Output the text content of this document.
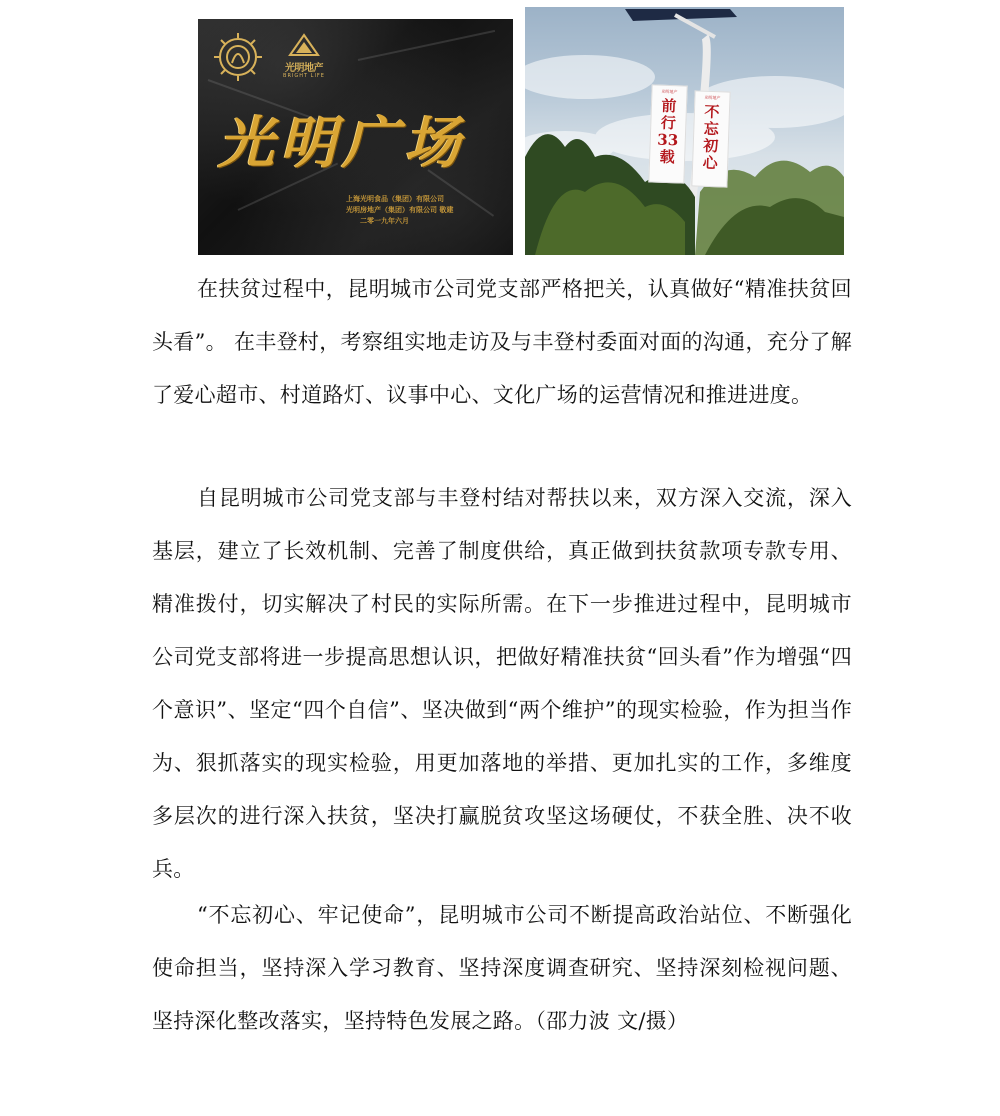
光明地产
BRIGHT LIFE
光明广场
上海光明食品（集团）有限公司
光明房地产（集团）有限公司 敬建
二零一九年六月
光明地产
前
行
33
载
光明地产
不
忘
初
心

在扶贫过程中，昆明城市公司党支部严格把关，认真做好“精准扶贫回头看”。 在丰登村，考察组实地走访及与丰登村委面对面的沟通，充分了解了爱心超市、村道路灯、议事中心、文化广场的运营情况和推进进度。

自昆明城市公司党支部与丰登村结对帮扶以来，双方深入交流，深入基层，建立了长效机制、完善了制度供给，真正做到扶贫款项专款专用、精准拨付，切实解决了村民的实际所需。在下一步推进过程中，昆明城市公司党支部将进一步提高思想认识，把做好精准扶贫“回头看”作为增强“四个意识”、坚定“四个自信”、坚决做到“两个维护”的现实检验，作为担当作为、狠抓落实的现实检验，用更加落地的举措、更加扎实的工作，多维度多层次的进行深入扶贫，坚决打赢脱贫攻坚这场硬仗，不获全胜、决不收兵。

“不忘初心、牢记使命”，昆明城市公司不断提高政治站位、不断强化使命担当，坚持深入学习教育、坚持深度调查研究、坚持深刻检视问题、坚持深化整改落实，坚持特色发展之路。（邵力波 文/摄）
